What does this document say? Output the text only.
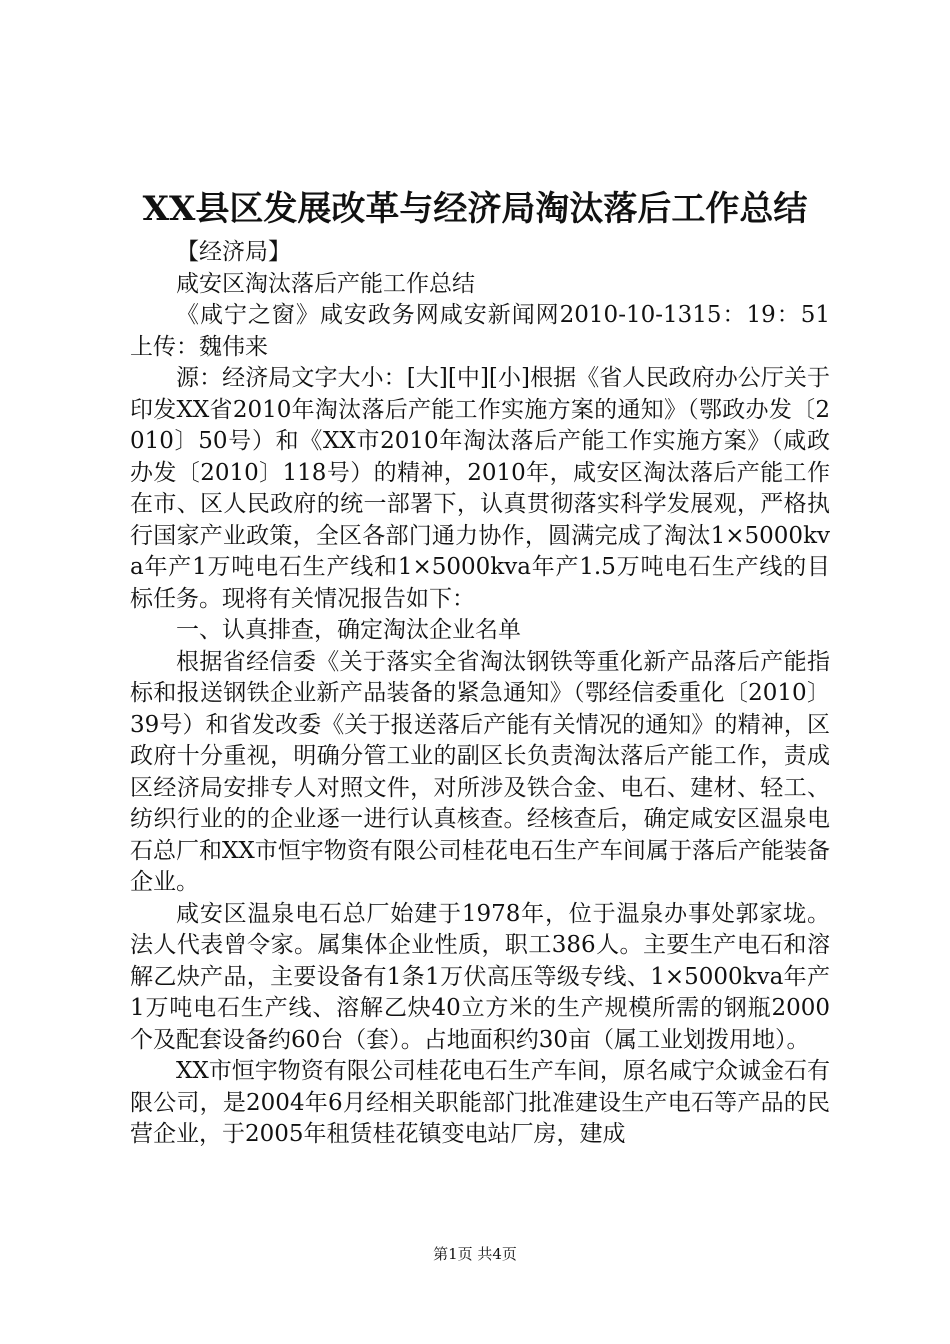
XX县区发展改革与经济局淘汰落后工作总结

【经济局】

咸安区淘汰落后产能工作总结

《咸宁之窗》咸安政务网咸安新闻网2010-10-1315：19：51上传：魏伟来

源：经济局文字大小：[大][中][小]根据《省人民政府办公厅关于印发XX省2010年淘汰落后产能工作实施方案的通知》（鄂政办发〔2010〕50号）和《XX市2010年淘汰落后产能工作实施方案》（咸政办发〔2010〕118号）的精神，2010年，咸安区淘汰落后产能工作在市、区人民政府的统一部署下，认真贯彻落实科学发展观，严格执行国家产业政策，全区各部门通力协作，圆满完成了淘汰1×5000kva年产1万吨电石生产线和1×5000kva年产1.5万吨电石生产线的目标任务。现将有关情况报告如下：

一、认真排查，确定淘汰企业名单

根据省经信委《关于落实全省淘汰钢铁等重化新产品落后产能指标和报送钢铁企业新产品装备的紧急通知》（鄂经信委重化〔2010〕39号）和省发改委《关于报送落后产能有关情况的通知》的精神，区政府十分重视，明确分管工业的副区长负责淘汰落后产能工作，责成区经济局安排专人对照文件，对所涉及铁合金、电石、建材、轻工、纺织行业的的企业逐一进行认真核查。经核查后，确定咸安区温泉电石总厂和XX市恒宇物资有限公司桂花电石生产车间属于落后产能装备企业。

咸安区温泉电石总厂始建于1978年，位于温泉办事处郭家垅。法人代表曾令家。属集体企业性质，职工386人。主要生产电石和溶解乙炔产品，主要设备有1条1万伏高压等级专线、1×5000kva年产1万吨电石生产线、溶解乙炔40立方米的生产规模所需的钢瓶2000个及配套设备约60台（套）。占地面积约30亩（属工业划拨用地）。

XX市恒宇物资有限公司桂花电石生产车间，原名咸宁众诚金石有限公司，是2004年6月经相关职能部门批准建设生产电石等产品的民营企业，于2005年租赁桂花镇变电站厂房，建成

第1页 共4页
